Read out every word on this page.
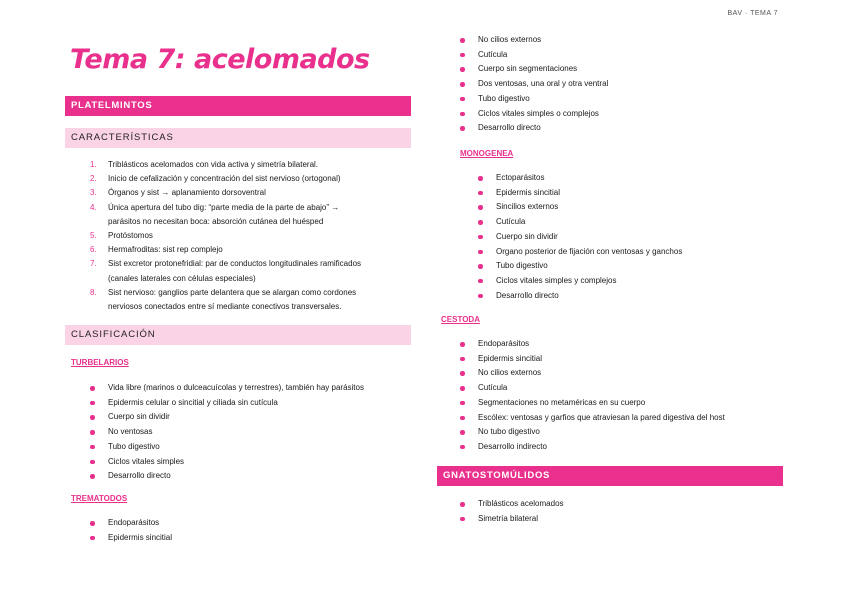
BAV · TEMA 7
Tema 7: acelomados
PLATELMINTOS
CARACTERÍSTICAS
1. Triblásticos acelomados con vida activa y simetría bilateral.
2. Inicio de cefalización y concentración del sist nervioso (ortogonal)
3. Órganos y sist → aplanamiento dorsoventral
4. Única apertura del tubo dig: “parte media de la parte de abajo” →
parásitos no necesitan boca: absorción cutánea del huésped
5. Protóstomos
6. Hermafroditas: sist rep complejo
7. Sist excretor protonefridial: par de conductos longitudinales ramificados
(canales laterales con células especiales)
8. Sist nervioso: ganglios parte delantera que se alargan como cordones
nerviosos conectados entre sí mediante conectivos transversales.
CLASIFICACIÓN
TURBELARIOS
Vida libre (marinos o dulceacuícolas y terrestres), también hay parásitos
Epidermis celular o sincitial y ciliada sin cutícula
Cuerpo sin dividir
No ventosas
Tubo digestivo
Ciclos vitales simples
Desarrollo directo
TREMATODOS
Endoparásitos
Epidermis sincitial
No cilios externos
Cutícula
Cuerpo sin segmentaciones
Dos ventosas, una oral y otra ventral
Tubo digestivo
Ciclos vitales simples o complejos
Desarrollo directo
MONOGENEA
Ectoparásitos
Epidermis sincitial
Sincilios externos
Cutícula
Cuerpo sin dividir
Organo posterior de fijación con ventosas y ganchos
Tubo digestivo
Ciclos vitales simples y complejos
Desarrollo directo
CESTODA
Endoparásitos
Epidermis sincitial
No cilios externos
Cutícula
Segmentaciones no metaméricas en su cuerpo
Escólex: ventosas y garfios que atraviesan la pared digestiva del host
No tubo digestivo
Desarrollo indirecto
GNATOSTOMÚLIDOS
Triblásticos acelomados
Simetría bilateral
